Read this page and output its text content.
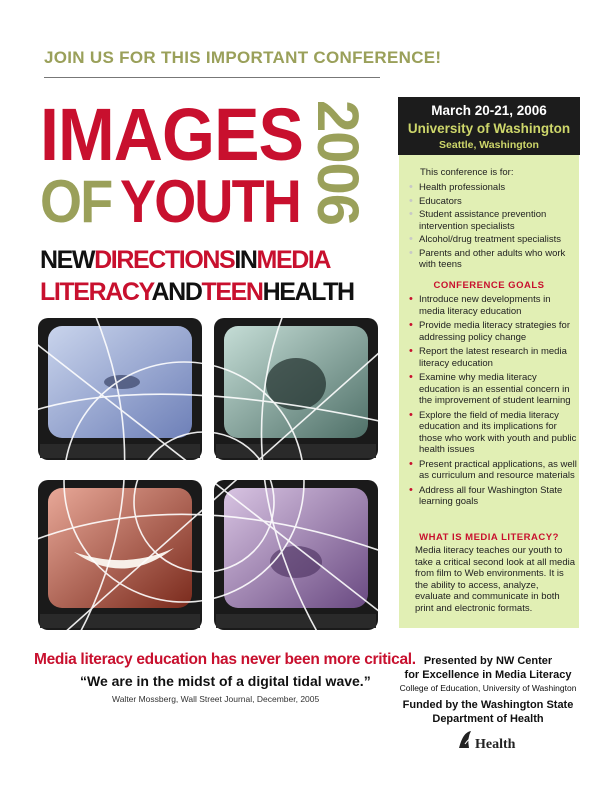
JOIN US FOR THIS IMPORTANT CONFERENCE!
IMAGES
OF YOUTH 2006
NEWDIRECTIONSINMEDIA
LITERACYANDTEENHEALTH
Media literacy education has never been more critical.
“We are in the midst of a digital tidal wave.”
Walter Mossberg, Wall Street Journal, December, 2005
March 20-21, 2006
University of Washington
Seattle, Washington
This conference is for:
• Health professionals
• Educators
• Student assistance prevention intervention specialists
• Alcohol/drug treatment specialists
• Parents and other adults who work with teens
CONFERENCE GOALS
• Introduce new developments in media literacy education
• Provide media literacy strategies for addressing policy change
• Report the latest research in media literacy education
• Examine why media literacy education is an essential concern in the improvement of student learning
• Explore the field of media literacy education and its implications for those who work with youth and public health issues
• Present practical applications, as well as curriculum and resource materials
• Address all four Washington State learning goals
WHAT IS MEDIA LITERACY?
Media literacy teaches our youth to take a critical second look at all media from film to Web environments. It is the ability to access, analyze, evaluate and communicate in both print and electronic formats.
Presented by NW Center
for Excellence in Media Literacy
College of Education, University of Washington
Funded by the Washington State
Department of Health
Health
